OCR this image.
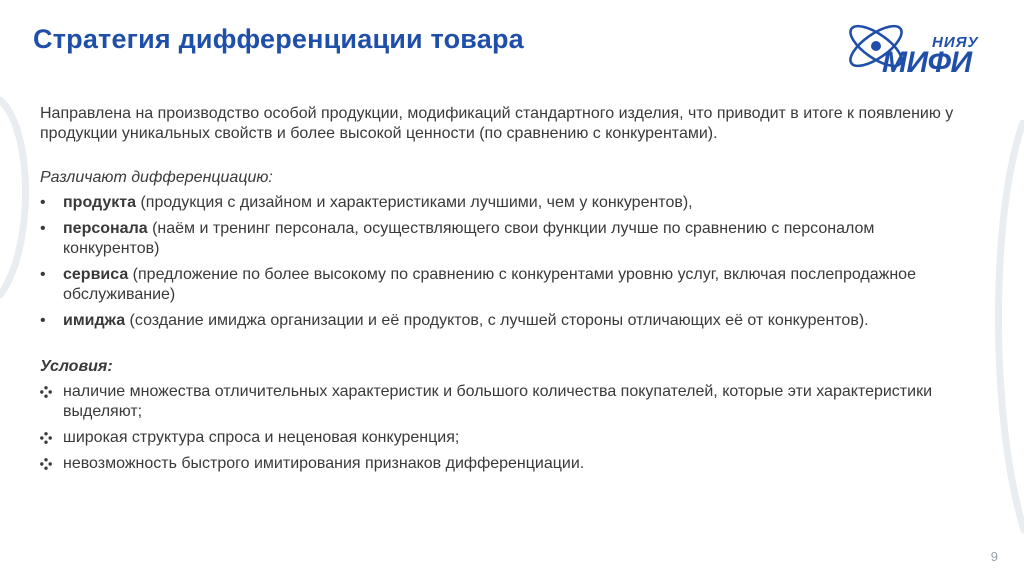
Стратегия дифференциации товара	НИЯУ
МИФИ

Направлена на производство особой продукции, модификаций стандартного изделия, что приводит в итоге к появлению у продукции уникальных свойств и более высокой ценности (по сравнению с конкурентами).

Различают дифференциацию:

• продукта (продукция с дизайном и характеристиками лучшими, чем у конкурентов),
• персонала (наём и тренинг персонала, осуществляющего свои функции лучше по сравнению с персоналом конкурентов)
• сервиса (предложение по более высокому по сравнению с конкурентами уровню услуг, включая послепродажное обслуживание)
• имиджа (создание имиджа организации и её продуктов, с лучшей стороны отличающих её от конкурентов).

Условия:

наличие множества отличительных характеристик и большого количества покупателей, которые эти характеристики выделяют;
широкая структура спроса и неценовая конкуренция;
невозможность быстрого имитирования признаков дифференциации.
9
